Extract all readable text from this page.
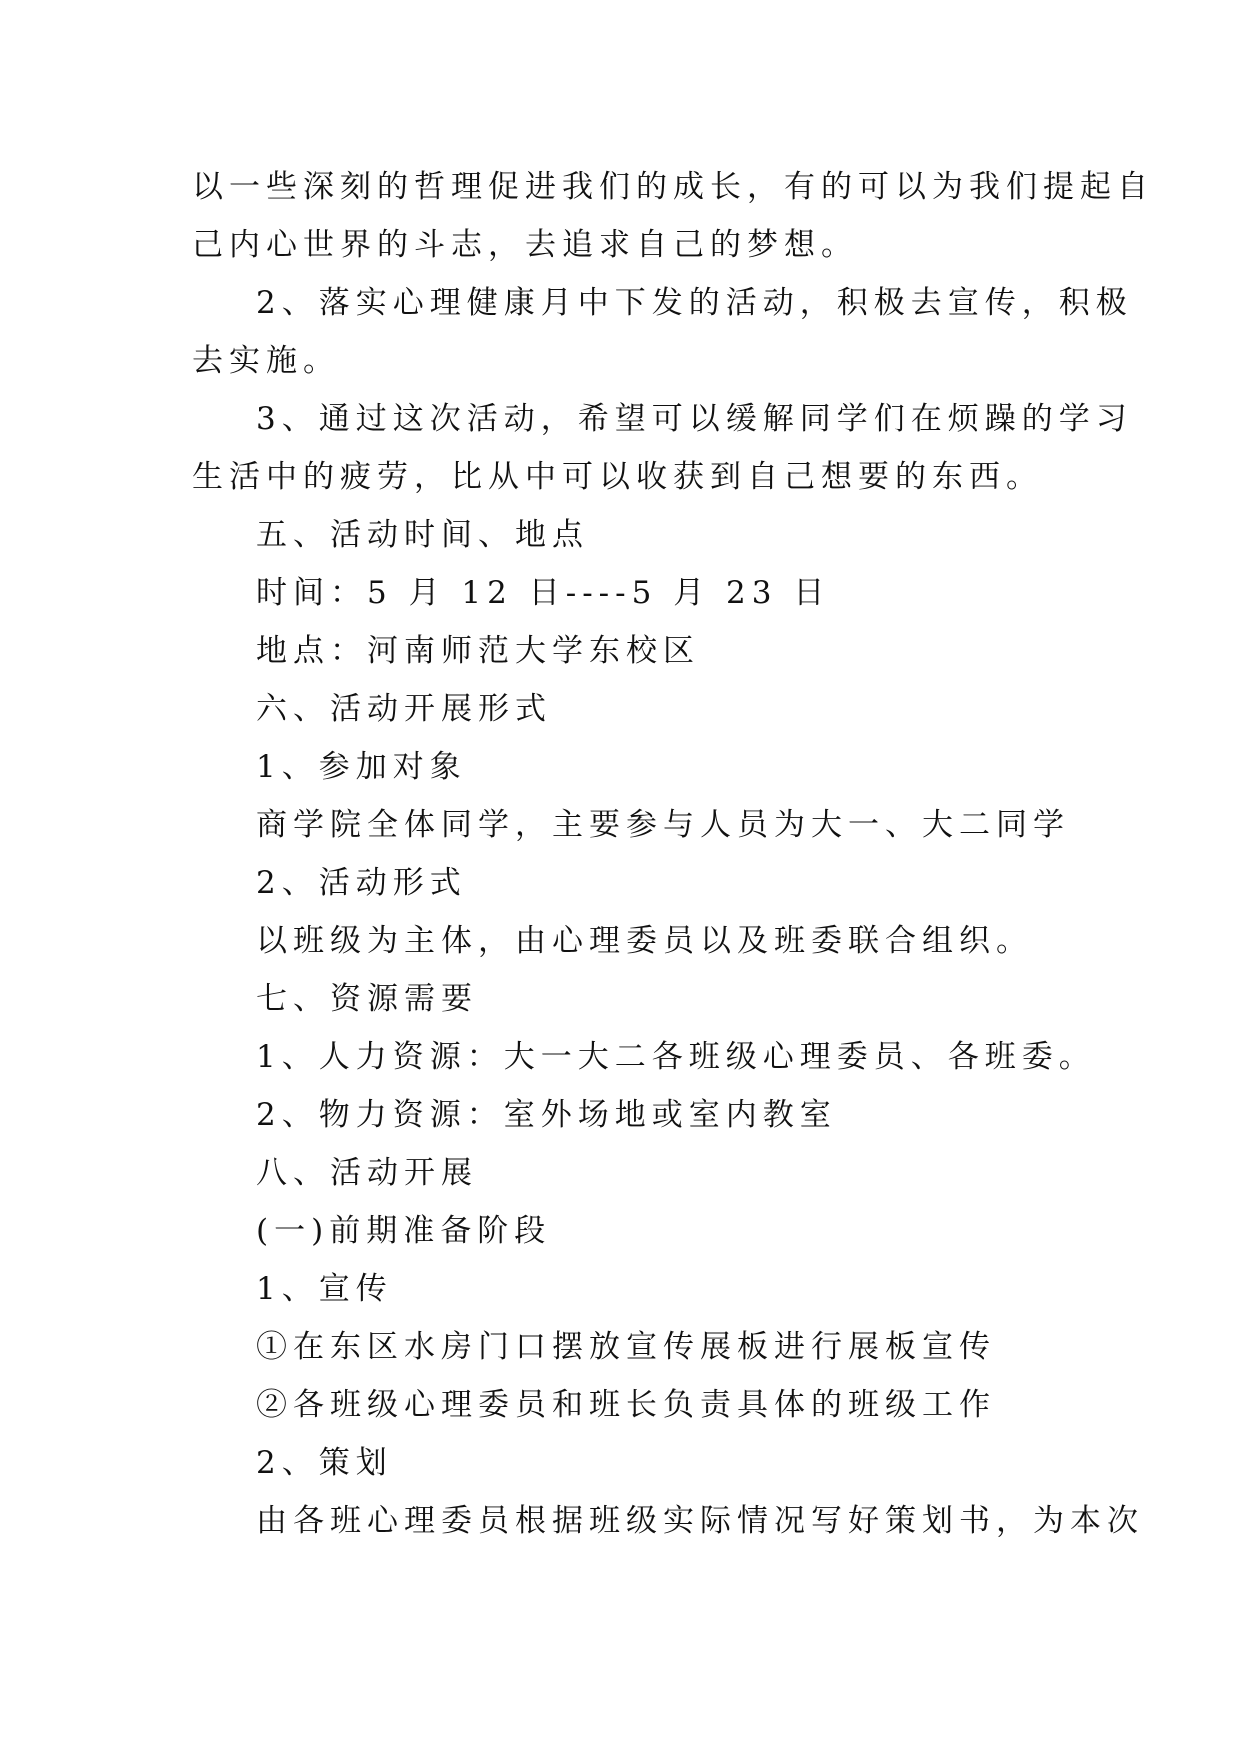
以一些深刻的哲理促进我们的成长，有的可以为我们提起自
己内心世界的斗志，去追求自己的梦想。
2、落实心理健康月中下发的活动，积极去宣传，积极
去实施。
3、通过这次活动，希望可以缓解同学们在烦躁的学习
生活中的疲劳，比从中可以收获到自己想要的东西。
五、活动时间、地点
时间：5 月 12 日----5 月 23 日
地点：河南师范大学东校区
六、活动开展形式
1、参加对象
商学院全体同学，主要参与人员为大一、大二同学
2、活动形式
以班级为主体，由心理委员以及班委联合组织。
七、资源需要
1、人力资源：大一大二各班级心理委员、各班委。
2、物力资源：室外场地或室内教室
八、活动开展
(一)前期准备阶段
1、宣传
①在东区水房门口摆放宣传展板进行展板宣传
②各班级心理委员和班长负责具体的班级工作
2、策划
由各班心理委员根据班级实际情况写好策划书，为本次
